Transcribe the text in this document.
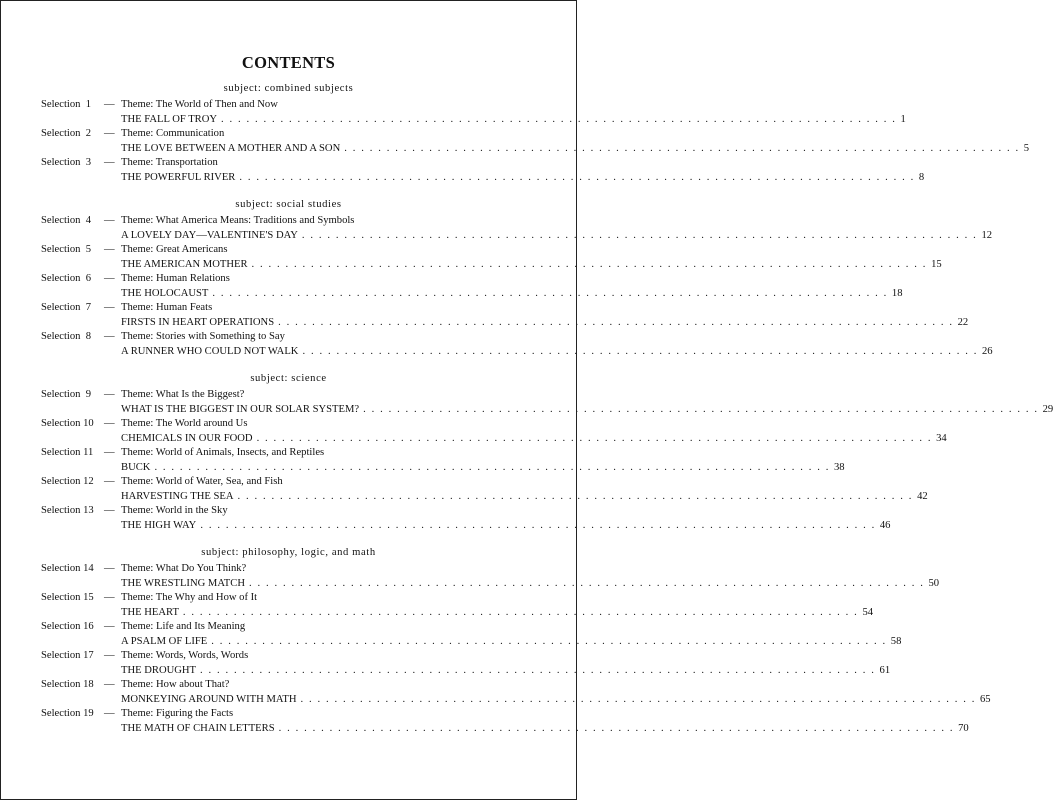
CONTENTS
subject: combined subjects
Selection  1 — Theme: The World of Then and Now
THE FALL OF TROY . . . . . . . . . . . . . . . . . . . . . . . . . . . . . . . . . . . . . . . . . . . . . . . . . . . . . . . . . . . . . . . . . . . . . . . . . . . . . . . . 1
Selection  2 — Theme: Communication
THE LOVE BETWEEN A MOTHER AND A SON . . . . . . . . . . . . . . . . . . . . . . . . . . . . . . . . . . . . . . . . . . . . . . . . . . . . . . . . . . . . . . . . . . . . . . . . . . . . . . . . 5
Selection  3 — Theme: Transportation
THE POWERFUL RIVER . . . . . . . . . . . . . . . . . . . . . . . . . . . . . . . . . . . . . . . . . . . . . . . . . . . . . . . . . . . . . . . . . . . . . . . . . . . . . . . . 8
subject: social studies
Selection  4 — Theme: What America Means: Traditions and Symbols
A LOVELY DAY—VALENTINE'S DAY . . . . . . . . . . . . . . . . . . . . . . . . . . . . . . . . . . . . . . . . . . . . . . . . . . . . . . . . . . . . . . . . . . . . . . . . . . . . . . . . 12
Selection  5 — Theme: Great Americans
THE AMERICAN MOTHER . . . . . . . . . . . . . . . . . . . . . . . . . . . . . . . . . . . . . . . . . . . . . . . . . . . . . . . . . . . . . . . . . . . . . . . . . . . . . . . . 15
Selection  6 — Theme: Human Relations
THE HOLOCAUST . . . . . . . . . . . . . . . . . . . . . . . . . . . . . . . . . . . . . . . . . . . . . . . . . . . . . . . . . . . . . . . . . . . . . . . . . . . . . . . . 18
Selection  7 — Theme: Human Feats
FIRSTS IN HEART OPERATIONS . . . . . . . . . . . . . . . . . . . . . . . . . . . . . . . . . . . . . . . . . . . . . . . . . . . . . . . . . . . . . . . . . . . . . . . . . . . . . . . . 22
Selection  8 — Theme: Stories with Something to Say
A RUNNER WHO COULD NOT WALK . . . . . . . . . . . . . . . . . . . . . . . . . . . . . . . . . . . . . . . . . . . . . . . . . . . . . . . . . . . . . . . . . . . . . . . . . . . . . . . . 26
subject: science
Selection  9 — Theme: What Is the Biggest?
WHAT IS THE BIGGEST IN OUR SOLAR SYSTEM? . . . . . . . . . . . . . . . . . . . . . . . . . . . . . . . . . . . . . . . . . . . . . . . . . . . . . . . . . . . . . . . . . . . . . . . . . . . . . . . . 29
Selection 10 — Theme: The World around Us
CHEMICALS IN OUR FOOD . . . . . . . . . . . . . . . . . . . . . . . . . . . . . . . . . . . . . . . . . . . . . . . . . . . . . . . . . . . . . . . . . . . . . . . . . . . . . . . . 34
Selection 11 — Theme: World of Animals, Insects, and Reptiles
BUCK . . . . . . . . . . . . . . . . . . . . . . . . . . . . . . . . . . . . . . . . . . . . . . . . . . . . . . . . . . . . . . . . . . . . . . . . . . . . . . . . 38
Selection 12 — Theme: World of Water, Sea, and Fish
HARVESTING THE SEA . . . . . . . . . . . . . . . . . . . . . . . . . . . . . . . . . . . . . . . . . . . . . . . . . . . . . . . . . . . . . . . . . . . . . . . . . . . . . . . . 42
Selection 13 — Theme: World in the Sky
THE HIGH WAY . . . . . . . . . . . . . . . . . . . . . . . . . . . . . . . . . . . . . . . . . . . . . . . . . . . . . . . . . . . . . . . . . . . . . . . . . . . . . . . . 46
subject: philosophy, logic, and math
Selection 14 — Theme: What Do You Think?
THE WRESTLING MATCH . . . . . . . . . . . . . . . . . . . . . . . . . . . . . . . . . . . . . . . . . . . . . . . . . . . . . . . . . . . . . . . . . . . . . . . . . . . . . . . . 50
Selection 15 — Theme: The Why and How of It
THE HEART . . . . . . . . . . . . . . . . . . . . . . . . . . . . . . . . . . . . . . . . . . . . . . . . . . . . . . . . . . . . . . . . . . . . . . . . . . . . . . . . 54
Selection 16 — Theme: Life and Its Meaning
A PSALM OF LIFE . . . . . . . . . . . . . . . . . . . . . . . . . . . . . . . . . . . . . . . . . . . . . . . . . . . . . . . . . . . . . . . . . . . . . . . . . . . . . . . . 58
Selection 17 — Theme: Words, Words, Words
THE DROUGHT . . . . . . . . . . . . . . . . . . . . . . . . . . . . . . . . . . . . . . . . . . . . . . . . . . . . . . . . . . . . . . . . . . . . . . . . . . . . . . . . 61
Selection 18 — Theme: How about That?
MONKEYING AROUND WITH MATH . . . . . . . . . . . . . . . . . . . . . . . . . . . . . . . . . . . . . . . . . . . . . . . . . . . . . . . . . . . . . . . . . . . . . . . . . . . . . . . . 65
Selection 19 — Theme: Figuring the Facts
THE MATH OF CHAIN LETTERS . . . . . . . . . . . . . . . . . . . . . . . . . . . . . . . . . . . . . . . . . . . . . . . . . . . . . . . . . . . . . . . . . . . . . . . . . . . . . . . . 70
